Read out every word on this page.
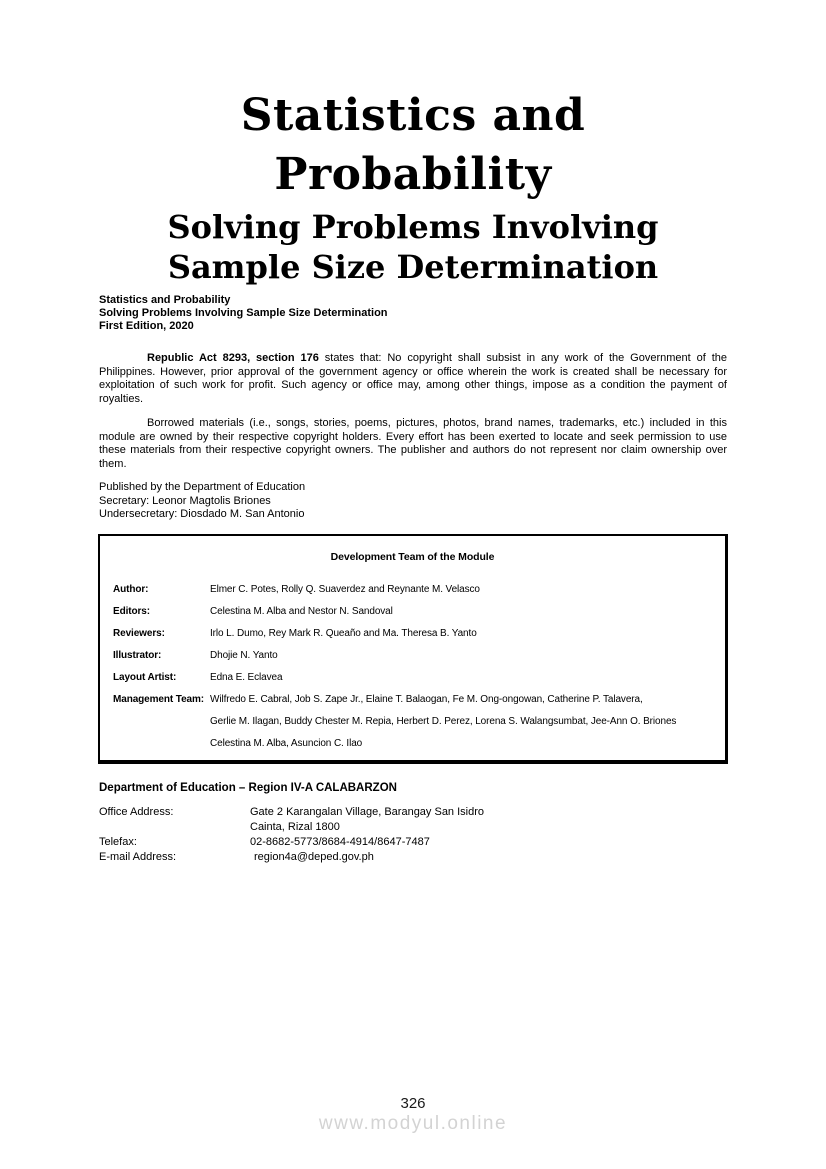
Statistics and
Probability
Solving Problems Involving
Sample Size Determination
Statistics and Probability
Solving Problems Involving Sample Size Determination
First Edition, 2020

Republic Act 8293, section 176 states that: No copyright shall subsist in any work of the Government of the Philippines. However, prior approval of the government agency or office wherein the work is created shall be necessary for exploitation of such work for profit. Such agency or office may, among other things, impose as a condition the payment of royalties.

Borrowed materials (i.e., songs, stories, poems, pictures, photos, brand names, trademarks, etc.) included in this module are owned by their respective copyright holders. Every effort has been exerted to locate and seek permission to use these materials from their respective copyright owners. The publisher and authors do not represent nor claim ownership over them.

Published by the Department of Education
Secretary: Leonor Magtolis Briones
Undersecretary: Diosdado M. San Antonio
Development Team of the Module
Author:	Elmer C. Potes, Rolly Q. Suaverdez and Reynante M. Velasco
Editors:	Celestina M. Alba and Nestor N. Sandoval
Reviewers:	Irlo L. Dumo, Rey Mark R. Queaño and Ma. Theresa B. Yanto
Illustrator:	Dhojie N. Yanto
Layout Artist:	Edna E. Eclavea
Management Team: Wilfredo E. Cabral, Job S. Zape Jr., Elaine T. Balaogan, Fe M. Ong-ongowan, Catherine P. Talavera,
Gerlie M. Ilagan, Buddy Chester M. Repia, Herbert D. Perez, Lorena S. Walangsumbat, Jee-Ann O. Briones
Celestina M. Alba, Asuncion C. Ilao
Department of Education – Region IV-A CALABARZON
Office Address:	Gate 2 Karangalan Village, Barangay San Isidro
Cainta, Rizal 1800
Telefax:	02-8682-5773/8684-4914/8647-7487
E-mail Address:	region4a@deped.gov.ph
326
www.modyul.online
